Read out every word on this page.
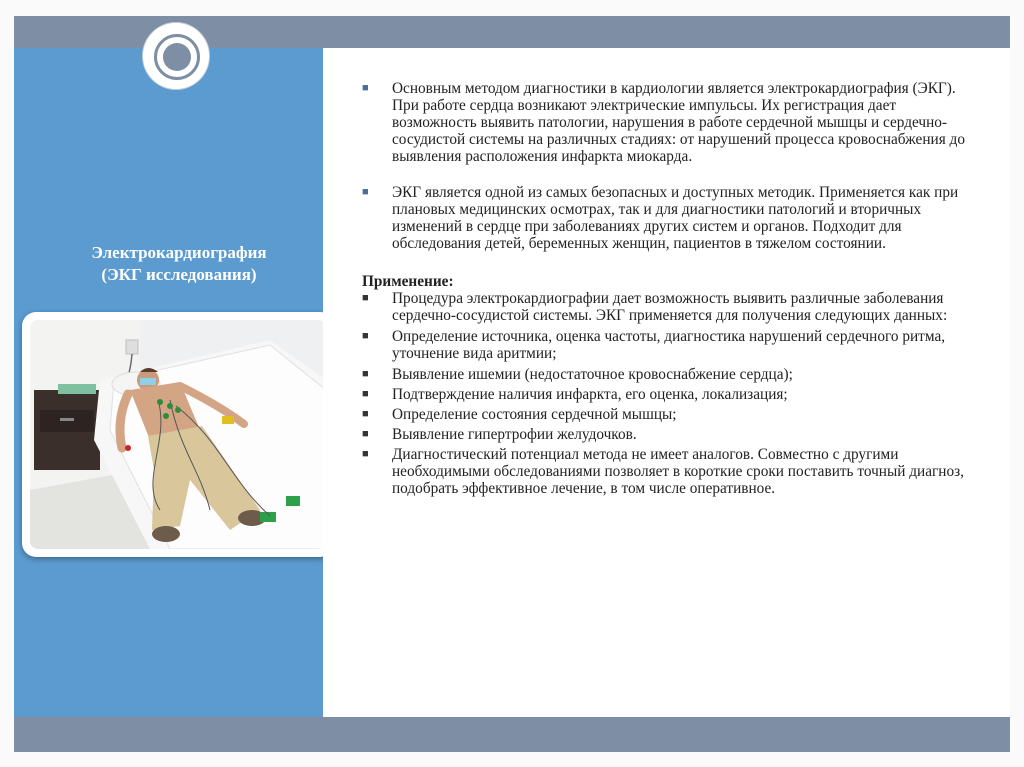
Электрокардиография
(ЭКГ исследования)

■	Основным методом диагностики в кардиологии является электрокардиография (ЭКГ). При работе сердца возникают электрические импульсы. Их регистрация дает возможность выявить патологии, нарушения в работе сердечной мышцы и сердечно-сосудистой системы на различных стадиях: от нарушений процесса кровоснабжения до выявления расположения инфаркта миокарда.

■	ЭКГ является одной из самых безопасных и доступных методик. Применяется как при плановых медицинских осмотрах, так и для диагностики патологий и вторичных изменений в сердце при заболеваниях других систем и органов. Подходит для обследования детей, беременных женщин, пациентов в тяжелом состоянии.

Применение:

■	Процедура электрокардиографии дает возможность выявить различные заболевания сердечно-сосудистой системы. ЭКГ применяется для получения следующих данных:

■	Определение источника, оценка частоты, диагностика нарушений сердечного ритма, уточнение вида аритмии;

■	Выявление ишемии (недостаточное кровоснабжение сердца);

■	Подтверждение наличия инфаркта, его оценка, локализация;

■	Определение состояния сердечной мышцы;

■	Выявление гипертрофии желудочков.

■	Диагностический потенциал метода не имеет аналогов. Совместно с другими необходимыми обследованиями позволяет в короткие сроки поставить точный диагноз, подобрать эффективное лечение, в том числе оперативное.
